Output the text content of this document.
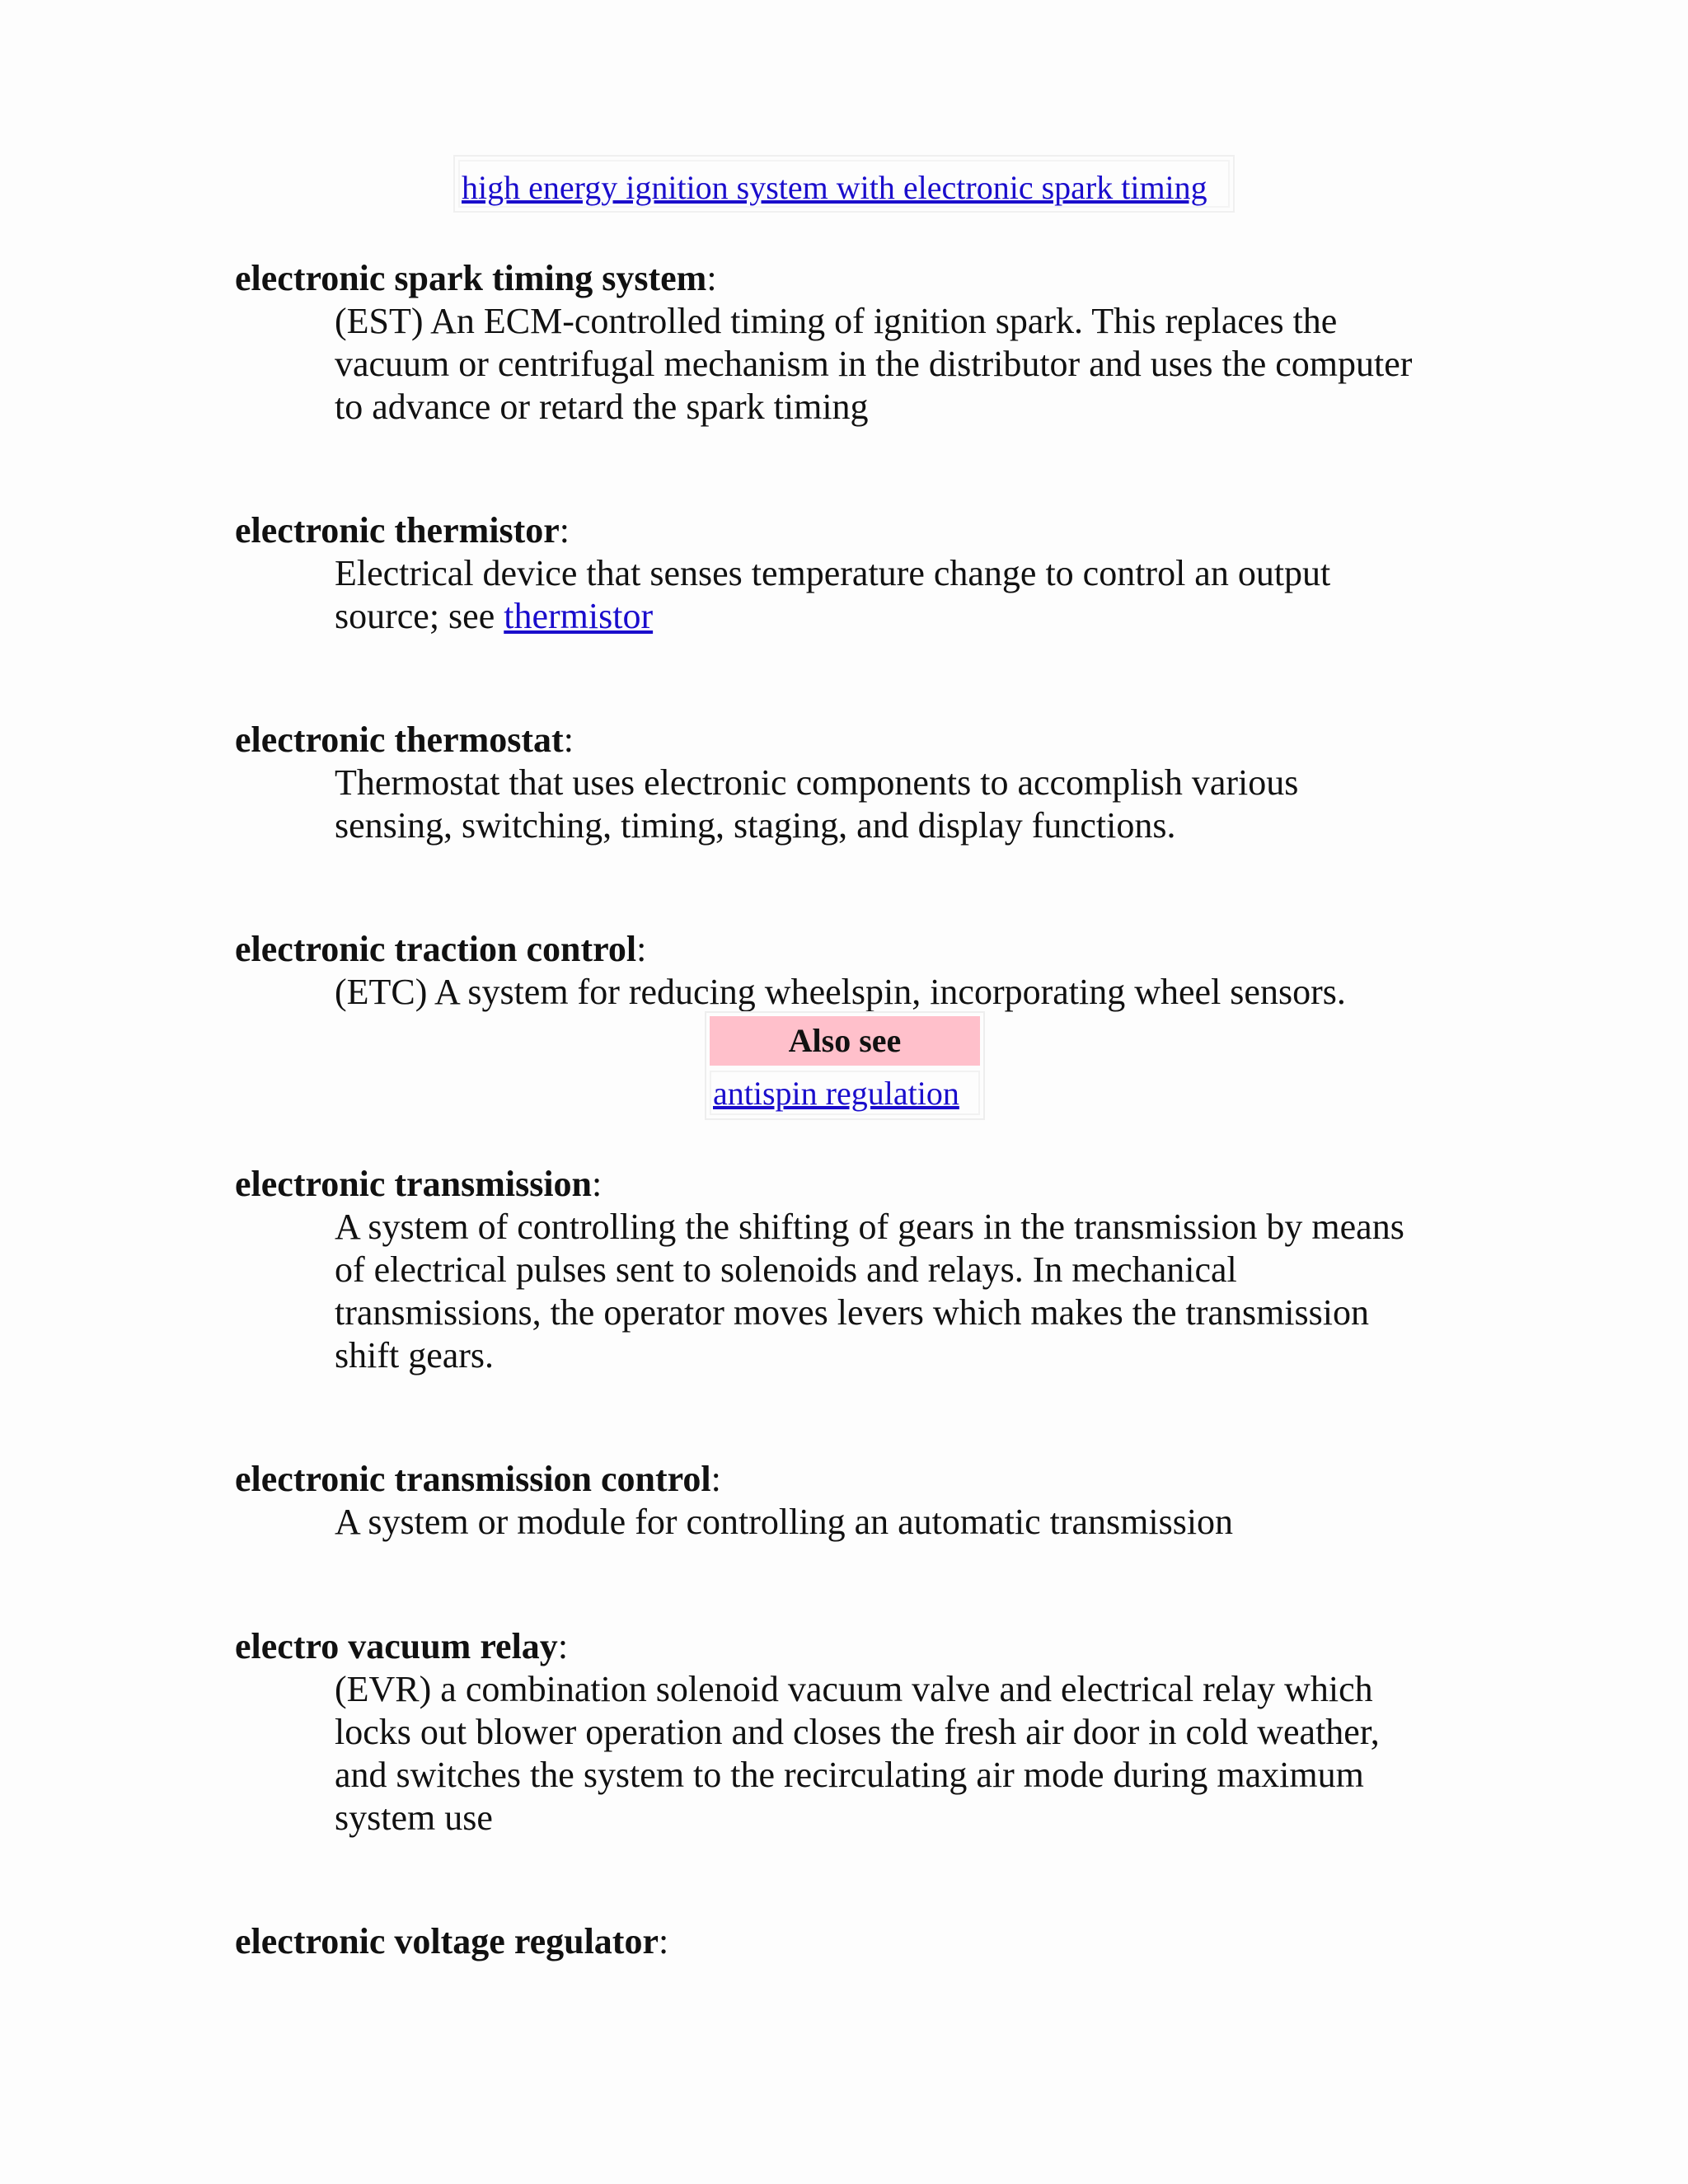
high energy ignition system with electronic spark timing
electronic spark timing system:
(EST) An ECM-controlled timing of ignition spark. This replaces the
vacuum or centrifugal mechanism in the distributor and uses the computer
to advance or retard the spark timing
electronic thermistor:
Electrical device that senses temperature change to control an output
source; see thermistor
electronic thermostat:
Thermostat that uses electronic components to accomplish various
sensing, switching, timing, staging, and display functions.
electronic traction control:
(ETC) A system for reducing wheelspin, incorporating wheel sensors.
Also see
antispin regulation
electronic transmission:
A system of controlling the shifting of gears in the transmission by means
of electrical pulses sent to solenoids and relays. In mechanical
transmissions, the operator moves levers which makes the transmission
shift gears.
electronic transmission control:
A system or module for controlling an automatic transmission
electro vacuum relay:
(EVR) a combination solenoid vacuum valve and electrical relay which
locks out blower operation and closes the fresh air door in cold weather,
and switches the system to the recirculating air mode during maximum
system use
electronic voltage regulator:
